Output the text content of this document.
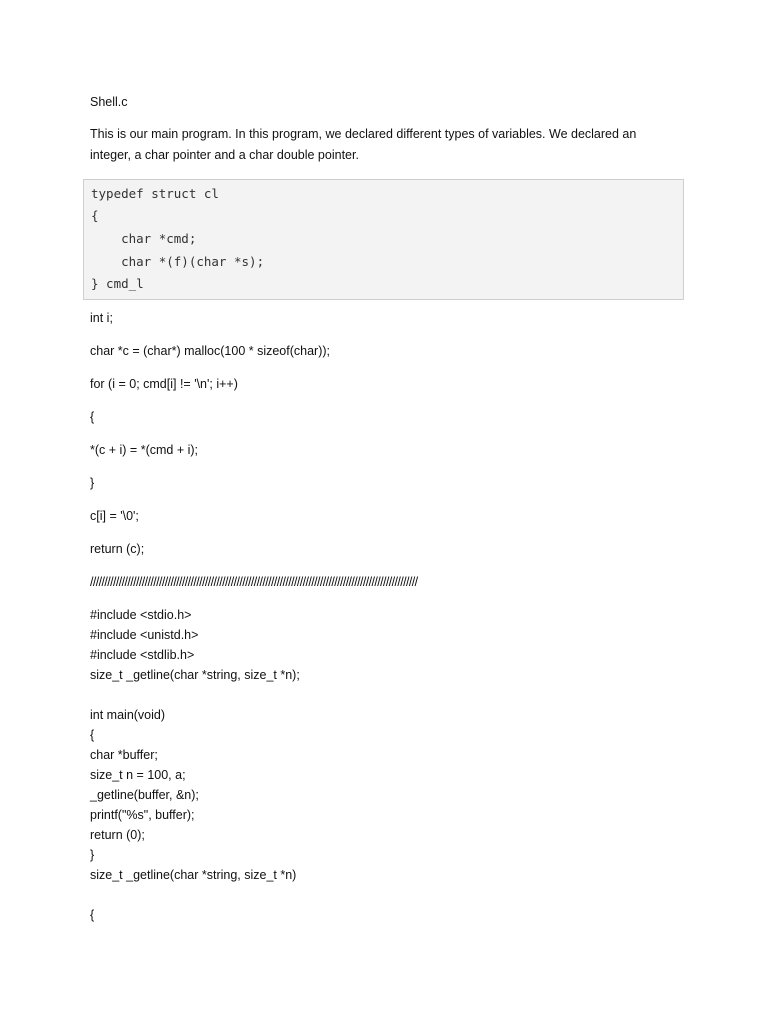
Shell.c
This is our main program. In this program, we declared different types of variables. We declared an integer, a char pointer and a char double pointer.
typedef struct cl
{
char *cmd;
char *(f)(char *s);
} cmd_l
int i;
char *c = (char*) malloc(100 * sizeof(char));
for (i = 0; cmd[i] != '\n'; i++)
{
*(c + i) = *(cmd + i);
}
c[i] = '\0';
return (c);
//////////////////////////////////////////////////////////////////////////////////////////////////////////////////
#include <stdio.h>
#include <unistd.h>
#include <stdlib.h>
size_t _getline(char *string, size_t *n);
int main(void)
{
char *buffer;
size_t n = 100, a;
_getline(buffer, &n);
printf("%s", buffer);
return (0);
}
size_t _getline(char *string, size_t *n)
{
